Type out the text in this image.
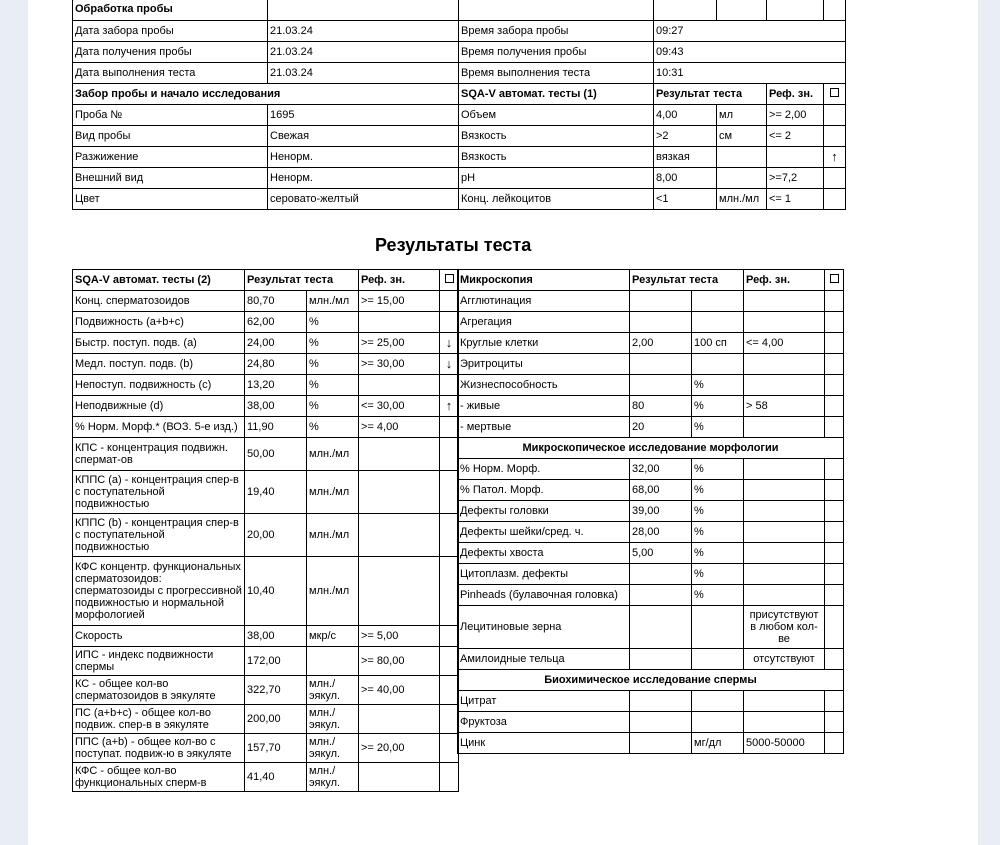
Обработка пробы						
Дата забора пробы	21.03.24	Время забора пробы	09:27			
Дата получения пробы	21.03.24	Время получения пробы	09:43			
Дата выполнения теста	21.03.24	Время выполнения теста	10:31			
Забор пробы и начало исследования		SQA-V автомат. тесты (1)	Результат теста		Реф. зн.	
Проба №	1695	Объем	4,00	мл	>= 2,00	
Вид пробы	Свежая	Вязкость	>2	см	<= 2	
Разжижение	Ненорм.	Вязкость	вязкая			↑
Внешний вид	Ненорм.	pH	8,00		>=7,2	
Цвет	серовато-желтый	Конц. лейкоцитов	<1	млн./мл	<= 1	
Результаты теста
SQA-V автомат. тесты (2)	Результат теста		Реф. зн.	
Конц. сперматозоидов	80,70	млн./мл	>= 15,00	
Подвижность (a+b+c)	62,00	%		
Быстр. поступ. подв. (a)	24,00	%	>= 25,00	↓
Медл. поступ. подв. (b)	24,80	%	>= 30,00	↓
Непоступ. подвижность (c)	13,20	%		
Неподвижные (d)	38,00	%	<= 30,00	↑
% Норм. Морф.* (ВОЗ. 5-е изд.)	11,90	%	>= 4,00	
КПС - концентрация подвижн. спермат-ов	50,00	млн./мл		
КППС (a) - концентрация спер-в с поступательной подвижностью	19,40	млн./мл		
КППС (b) - концентрация спер-в с поступательной подвижностью	20,00	млн./мл		
КФС концентр. функциональных сперматозоидов: сперматозоиды с прогрессивной подвижностью и нормальной морфологией	10,40	млн./мл		
Скорость	38,00	мкр/с	>= 5,00	
ИПС - индекс подвижности спермы	172,00		>= 80,00	
КС - общее кол-во сперматозоидов в эякуляте	322,70	млн./эякул.	>= 40,00	
ПС (a+b+c) - общее кол-во подвиж. спер-в в эякуляте	200,00	млн./эякул.		
ППС (a+b) - общее кол-во с поступат. подвиж-ю в эякуляте	157,70	млн./эякул.	>= 20,00	
КФС - общее кол-во функциональных сперм-в	41,40	млн./эякул.		
Микроскопия	Результат теста		Реф. зн.	
Агглютинация				
Агрегация				
Круглые клетки	2,00	100 сп	<= 4,00	
Эритроциты				
Жизнеспособность		%		
- живые	80	%	> 58	
- мертвые	20	%		
Микроскопическое исследование морфологии				
% Норм. Морф.	32,00	%		
% Патол. Морф.	68,00	%		
Дефекты головки	39,00	%		
Дефекты шейки/сред. ч.	28,00	%		
Дефекты хвоста	5,00	%		
Цитоплазм. дефекты		%		
Pinheads (булавочная головка)		%		
Лецитиновые зерна			присутствуют в любом кол-ве	
Амилоидные тельца			отсутствуют	
Биохимическое исследование спермы				
Цитрат				
Фруктоза				
Цинк		мг/дл	5000-50000	
